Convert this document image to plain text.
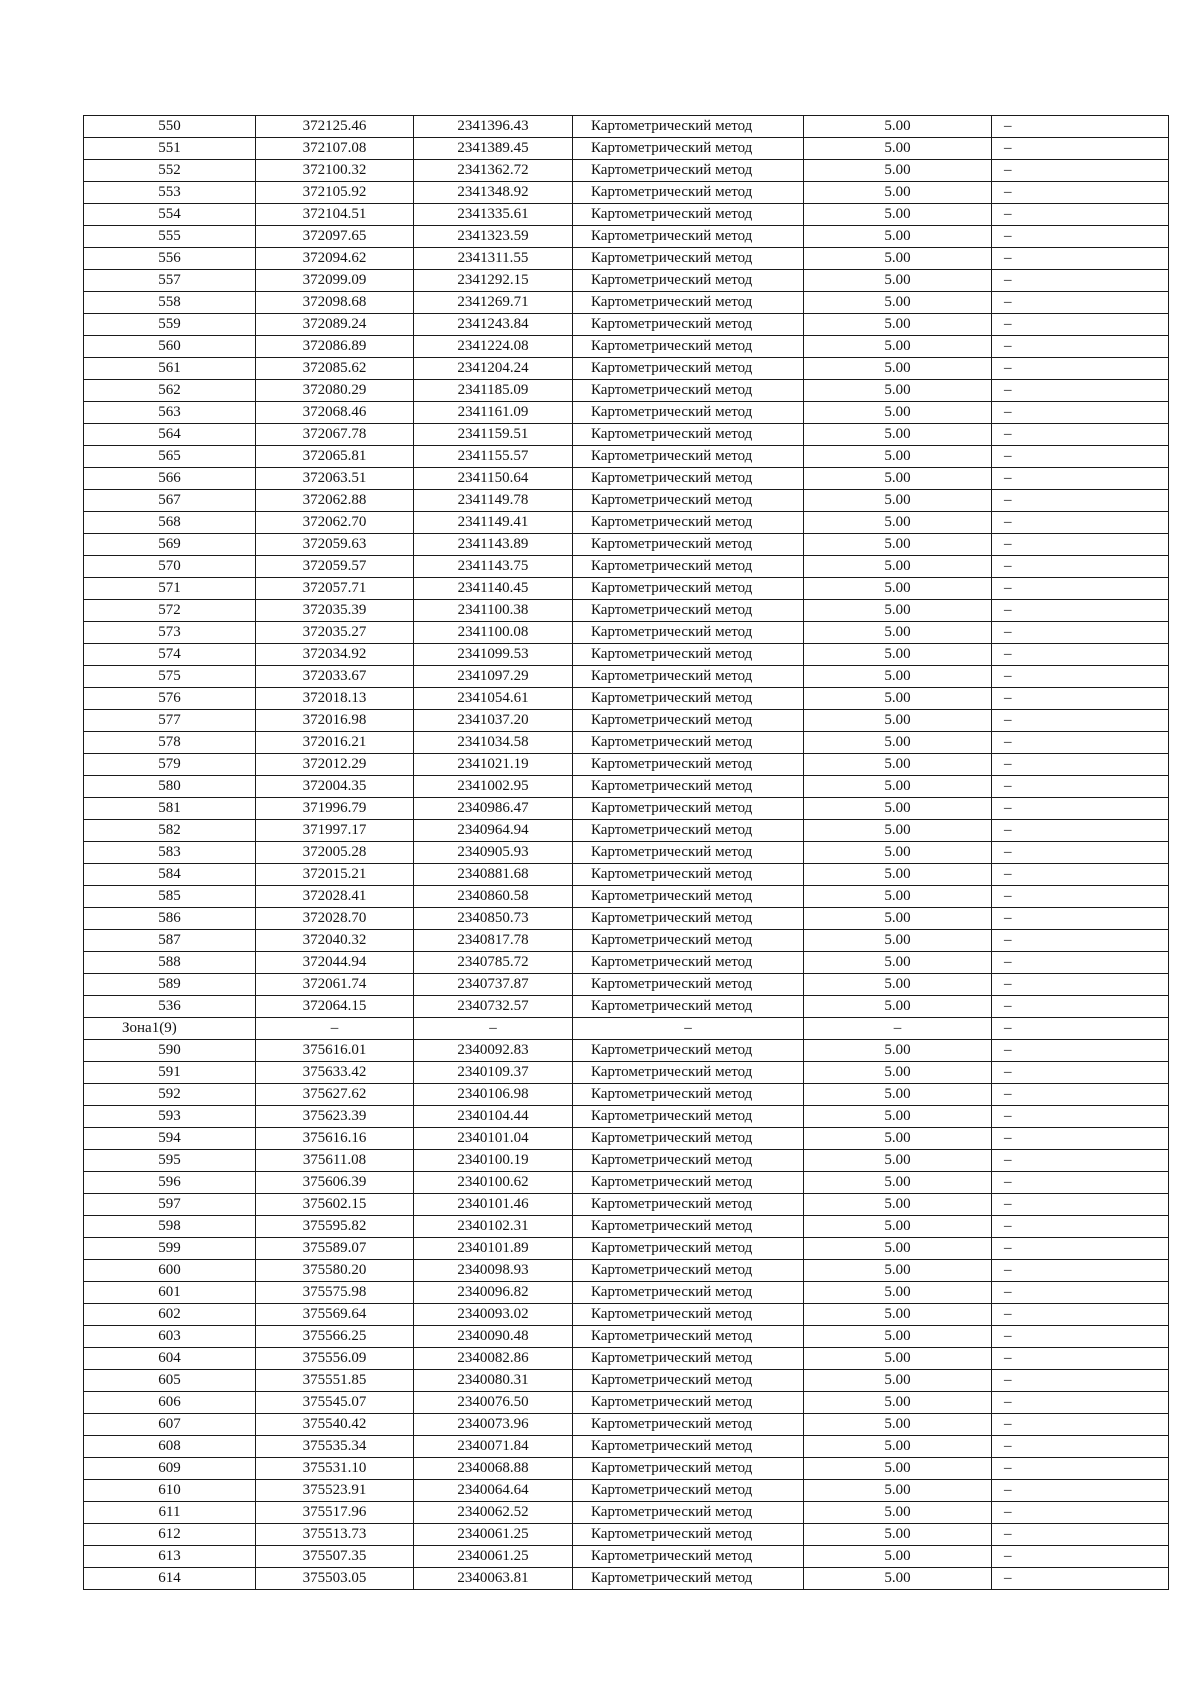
550	372125.46	2341396.43	Картометрический метод	5.00	–
551	372107.08	2341389.45	Картометрический метод	5.00	–
552	372100.32	2341362.72	Картометрический метод	5.00	–
553	372105.92	2341348.92	Картометрический метод	5.00	–
554	372104.51	2341335.61	Картометрический метод	5.00	–
555	372097.65	2341323.59	Картометрический метод	5.00	–
556	372094.62	2341311.55	Картометрический метод	5.00	–
557	372099.09	2341292.15	Картометрический метод	5.00	–
558	372098.68	2341269.71	Картометрический метод	5.00	–
559	372089.24	2341243.84	Картометрический метод	5.00	–
560	372086.89	2341224.08	Картометрический метод	5.00	–
561	372085.62	2341204.24	Картометрический метод	5.00	–
562	372080.29	2341185.09	Картометрический метод	5.00	–
563	372068.46	2341161.09	Картометрический метод	5.00	–
564	372067.78	2341159.51	Картометрический метод	5.00	–
565	372065.81	2341155.57	Картометрический метод	5.00	–
566	372063.51	2341150.64	Картометрический метод	5.00	–
567	372062.88	2341149.78	Картометрический метод	5.00	–
568	372062.70	2341149.41	Картометрический метод	5.00	–
569	372059.63	2341143.89	Картометрический метод	5.00	–
570	372059.57	2341143.75	Картометрический метод	5.00	–
571	372057.71	2341140.45	Картометрический метод	5.00	–
572	372035.39	2341100.38	Картометрический метод	5.00	–
573	372035.27	2341100.08	Картометрический метод	5.00	–
574	372034.92	2341099.53	Картометрический метод	5.00	–
575	372033.67	2341097.29	Картометрический метод	5.00	–
576	372018.13	2341054.61	Картометрический метод	5.00	–
577	372016.98	2341037.20	Картометрический метод	5.00	–
578	372016.21	2341034.58	Картометрический метод	5.00	–
579	372012.29	2341021.19	Картометрический метод	5.00	–
580	372004.35	2341002.95	Картометрический метод	5.00	–
581	371996.79	2340986.47	Картометрический метод	5.00	–
582	371997.17	2340964.94	Картометрический метод	5.00	–
583	372005.28	2340905.93	Картометрический метод	5.00	–
584	372015.21	2340881.68	Картометрический метод	5.00	–
585	372028.41	2340860.58	Картометрический метод	5.00	–
586	372028.70	2340850.73	Картометрический метод	5.00	–
587	372040.32	2340817.78	Картометрический метод	5.00	–
588	372044.94	2340785.72	Картометрический метод	5.00	–
589	372061.74	2340737.87	Картометрический метод	5.00	–
536	372064.15	2340732.57	Картометрический метод	5.00	–
Зона1(9)	–	–	–	–	–
590	375616.01	2340092.83	Картометрический метод	5.00	–
591	375633.42	2340109.37	Картометрический метод	5.00	–
592	375627.62	2340106.98	Картометрический метод	5.00	–
593	375623.39	2340104.44	Картометрический метод	5.00	–
594	375616.16	2340101.04	Картометрический метод	5.00	–
595	375611.08	2340100.19	Картометрический метод	5.00	–
596	375606.39	2340100.62	Картометрический метод	5.00	–
597	375602.15	2340101.46	Картометрический метод	5.00	–
598	375595.82	2340102.31	Картометрический метод	5.00	–
599	375589.07	2340101.89	Картометрический метод	5.00	–
600	375580.20	2340098.93	Картометрический метод	5.00	–
601	375575.98	2340096.82	Картометрический метод	5.00	–
602	375569.64	2340093.02	Картометрический метод	5.00	–
603	375566.25	2340090.48	Картометрический метод	5.00	–
604	375556.09	2340082.86	Картометрический метод	5.00	–
605	375551.85	2340080.31	Картометрический метод	5.00	–
606	375545.07	2340076.50	Картометрический метод	5.00	–
607	375540.42	2340073.96	Картометрический метод	5.00	–
608	375535.34	2340071.84	Картометрический метод	5.00	–
609	375531.10	2340068.88	Картометрический метод	5.00	–
610	375523.91	2340064.64	Картометрический метод	5.00	–
611	375517.96	2340062.52	Картометрический метод	5.00	–
612	375513.73	2340061.25	Картометрический метод	5.00	–
613	375507.35	2340061.25	Картометрический метод	5.00	–
614	375503.05	2340063.81	Картометрический метод	5.00	–
